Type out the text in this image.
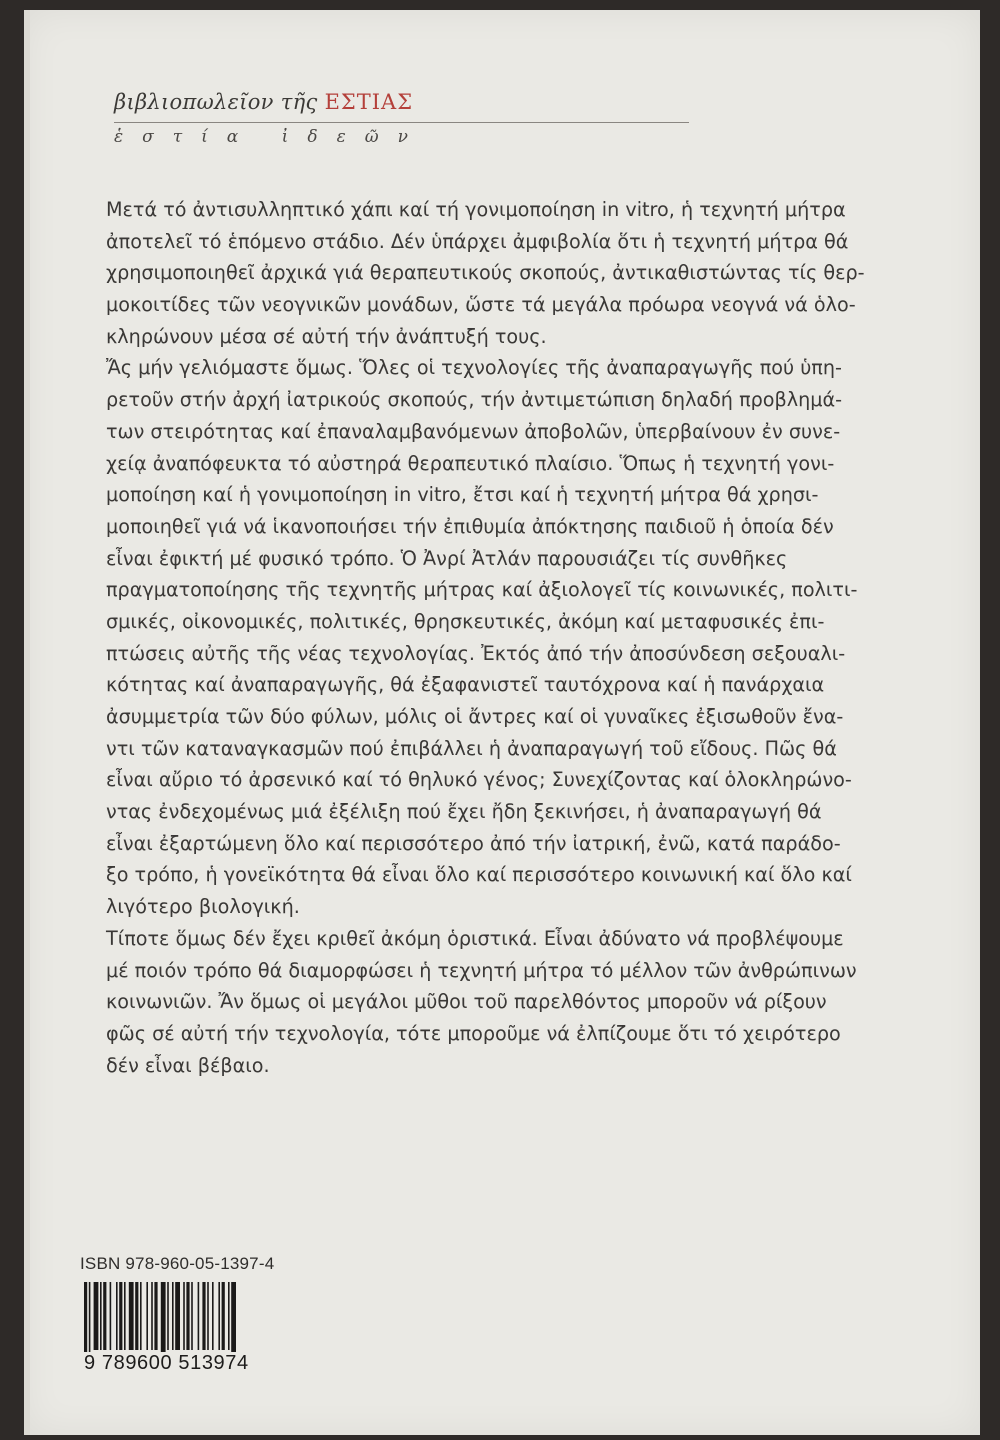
βιβλιοπωλεῖον τῆς ΕΣΤΙΑΣ
ἑστία ἰδεῶν
Μετά τό ἀντισυλληπτικό χάπι καί τή γονιμοποίηση in vitro, ἡ τεχνητή μήτρα
ἀποτελεῖ τό ἑπόμενο στάδιο. Δέν ὑπάρχει ἀμφιβολία ὅτι ἡ τεχνητή μήτρα θά
χρησιμοποιηθεῖ ἀρχικά γιά θεραπευτικούς σκοπούς, ἀντικαθιστώντας τίς θερ-
μοκοιτίδες τῶν νεογνικῶν μονάδων, ὥστε τά μεγάλα πρόωρα νεογνά νά ὁλο-
κληρώνουν μέσα σέ αὐτή τήν ἀνάπτυξή τους.
Ἄς μήν γελιόμαστε ὅμως. Ὅλες οἱ τεχνολογίες τῆς ἀναπαραγωγῆς πού ὑπη-
ρετοῦν στήν ἀρχή ἰατρικούς σκοπούς, τήν ἀντιμετώπιση δηλαδή προβλημά-
των στειρότητας καί ἐπαναλαμβανόμενων ἀποβολῶν, ὑπερβαίνουν ἐν συνε-
χείᾳ ἀναπόφευκτα τό αὐστηρά θεραπευτικό πλαίσιο. Ὅπως ἡ τεχνητή γονι-
μοποίηση καί ἡ γονιμοποίηση in vitro, ἔτσι καί ἡ τεχνητή μήτρα θά χρησι-
μοποιηθεῖ γιά νά ἱκανοποιήσει τήν ἐπιθυμία ἀπόκτησης παιδιοῦ ἡ ὁποία δέν
εἶναι ἐφικτή μέ φυσικό τρόπο. Ὁ Ἀνρί Ἀτλάν παρουσιάζει τίς συνθῆκες
πραγματοποίησης τῆς τεχνητῆς μήτρας καί ἀξιολογεῖ τίς κοινωνικές, πολιτι-
σμικές, οἰκονομικές, πολιτικές, θρησκευτικές, ἀκόμη καί μεταφυσικές ἐπι-
πτώσεις αὐτῆς τῆς νέας τεχνολογίας. Ἐκτός ἀπό τήν ἀποσύνδεση σεξουαλι-
κότητας καί ἀναπαραγωγῆς, θά ἐξαφανιστεῖ ταυτόχρονα καί ἡ πανάρχαια
ἀσυμμετρία τῶν δύο φύλων, μόλις οἱ ἄντρες καί οἱ γυναῖκες ἐξισωθοῦν ἔνα-
ντι τῶν καταναγκασμῶν πού ἐπιβάλλει ἡ ἀναπαραγωγή τοῦ εἴδους. Πῶς θά
εἶναι αὔριο τό ἀρσενικό καί τό θηλυκό γένος; Συνεχίζοντας καί ὁλοκληρώνο-
ντας ἐνδεχομένως μιά ἐξέλιξη πού ἔχει ἤδη ξεκινήσει, ἡ ἀναπαραγωγή θά
εἶναι ἐξαρτώμενη ὅλο καί περισσότερο ἀπό τήν ἰατρική, ἐνῶ, κατά παράδο-
ξο τρόπο, ἡ γονεϊκότητα θά εἶναι ὅλο καί περισσότερο κοινωνική καί ὅλο καί
λιγότερο βιολογική.
Τίποτε ὅμως δέν ἔχει κριθεῖ ἀκόμη ὁριστικά. Εἶναι ἀδύνατο νά προβλέψουμε
μέ ποιόν τρόπο θά διαμορφώσει ἡ τεχνητή μήτρα τό μέλλον τῶν ἀνθρώπινων
κοινωνιῶν. Ἄν ὅμως οἱ μεγάλοι μῦθοι τοῦ παρελθόντος μποροῦν νά ρίξουν
φῶς σέ αὐτή τήν τεχνολογία, τότε μποροῦμε νά ἐλπίζουμε ὅτι τό χειρότερο
δέν εἶναι βέβαιο.
ISBN 978-960-05-1397-4
9 789600 513974
